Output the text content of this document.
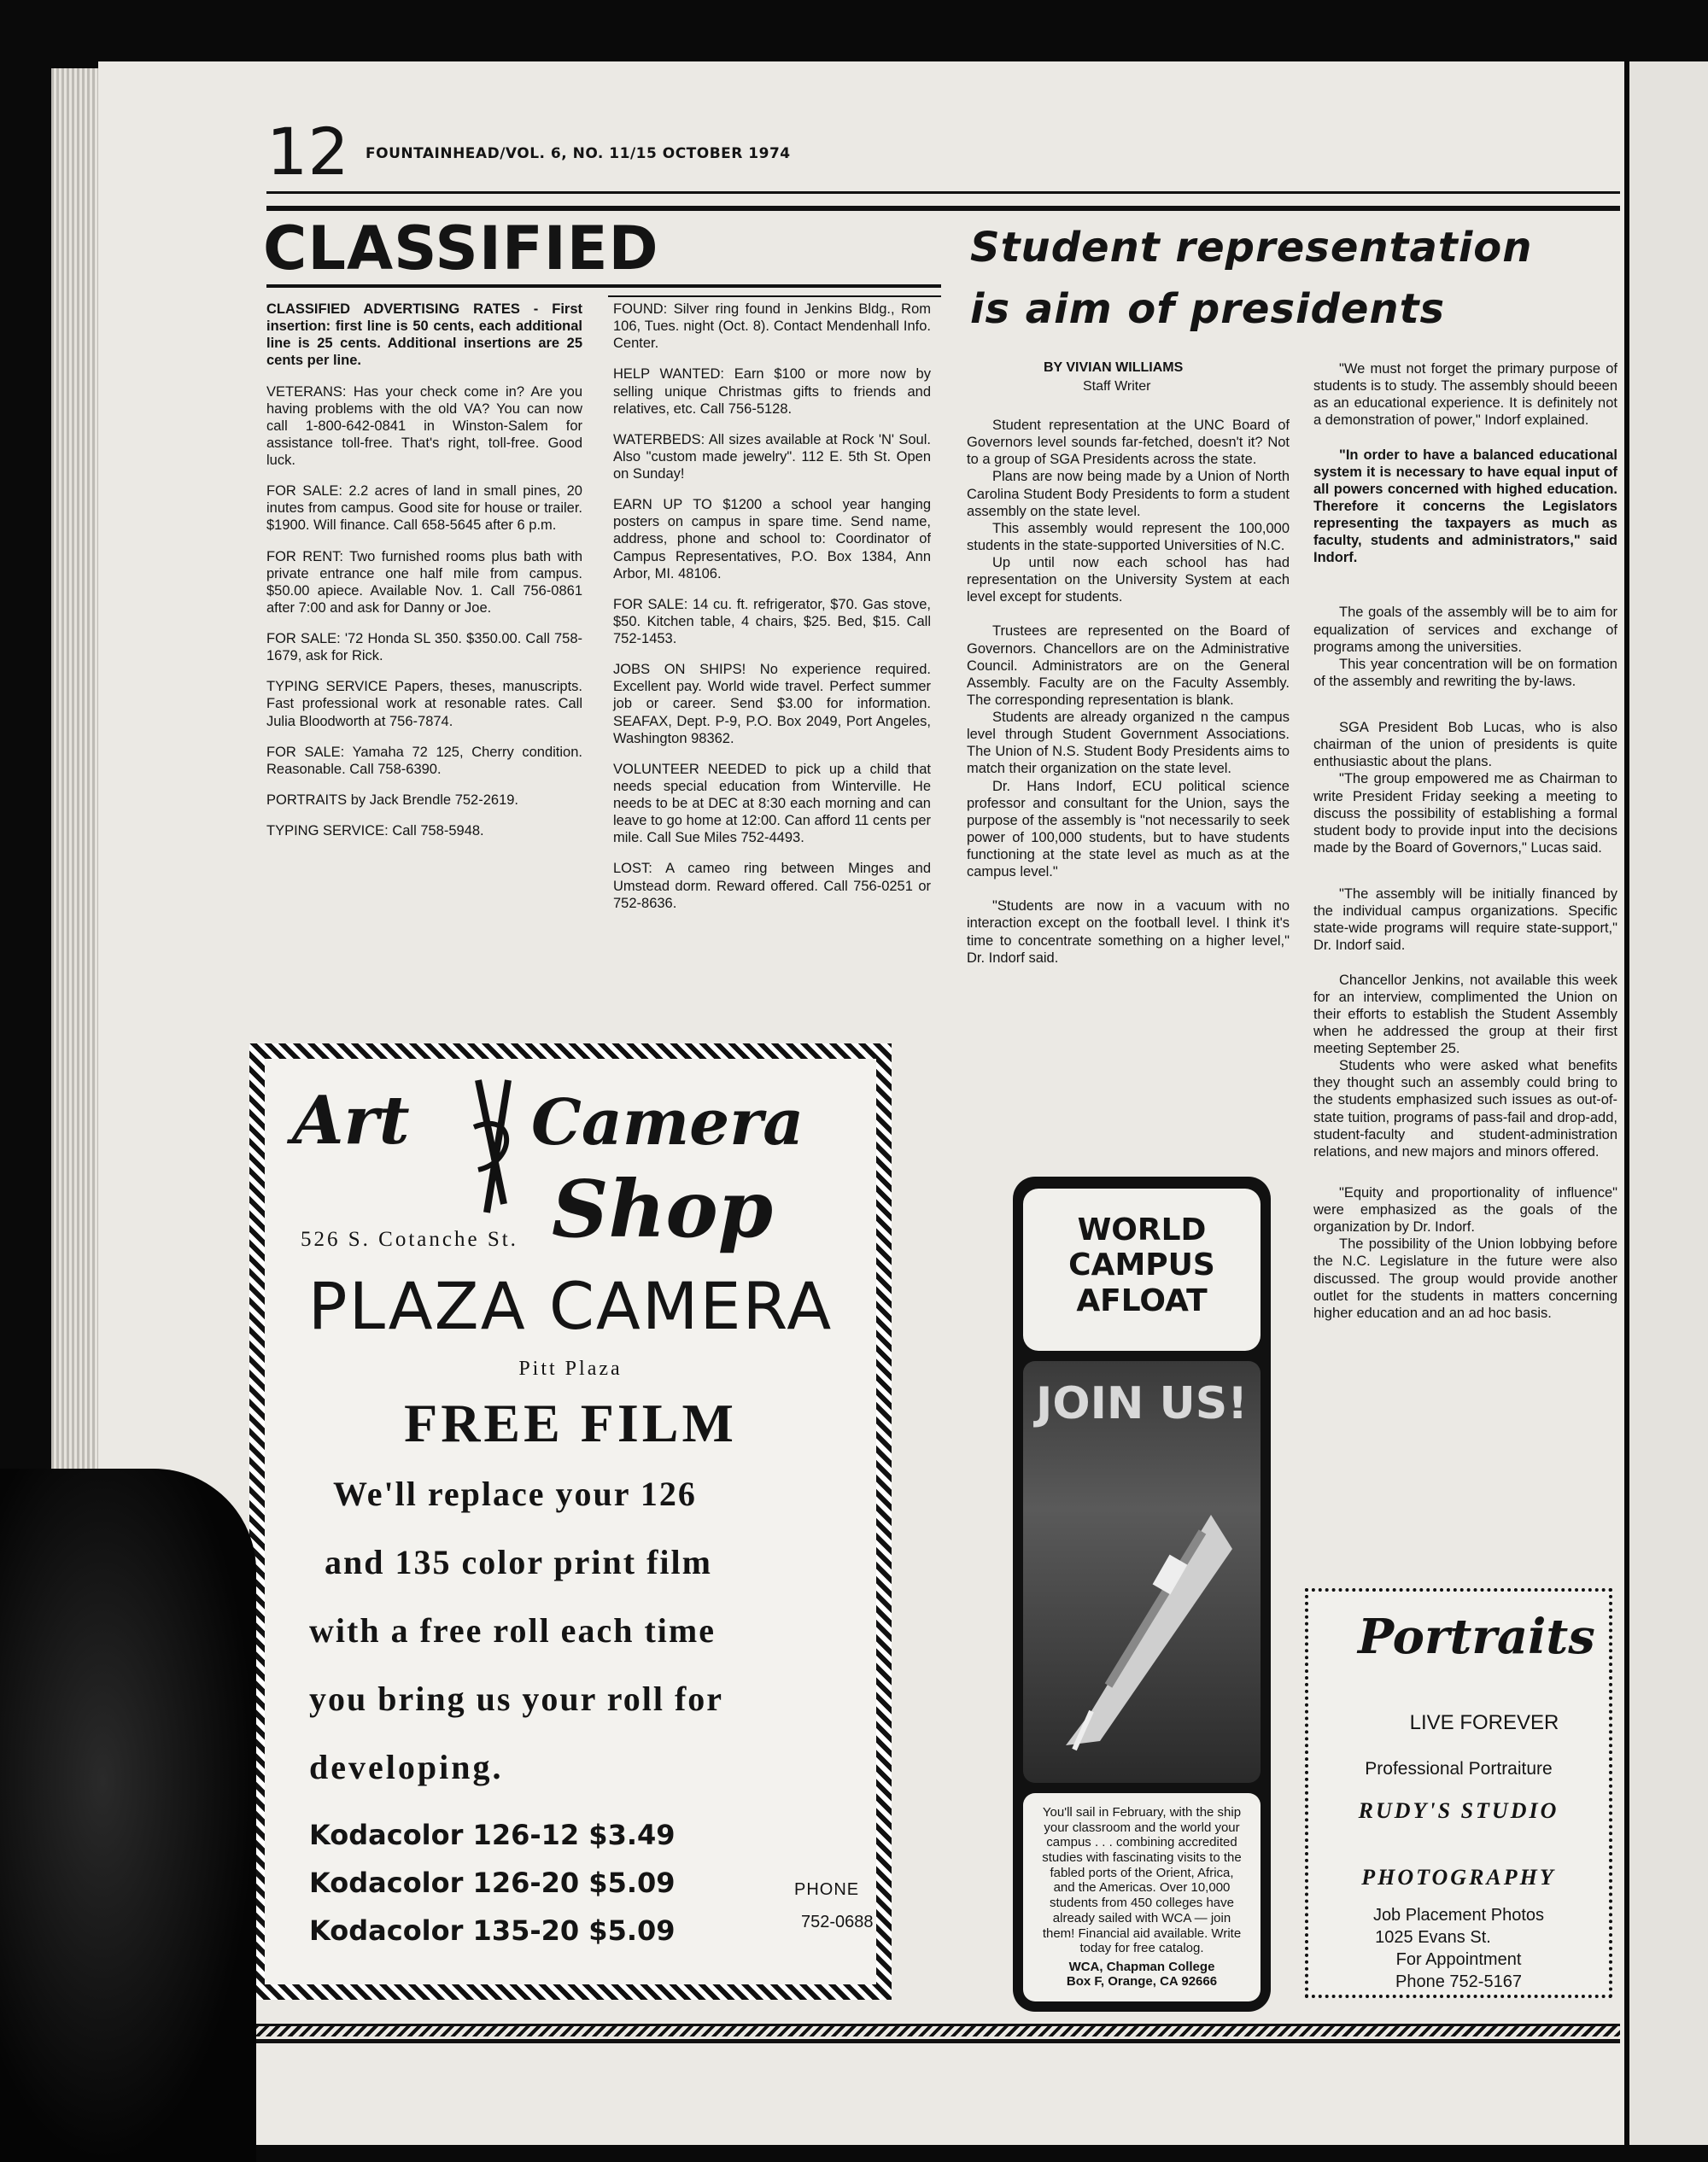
12 FOUNTAINHEAD/VOL. 6, NO. 11/15 OCTOBER 1974
CLASSIFIED

CLASSIFIED ADVERTISING RATES - First insertion: first line is 50 cents, each additional line is 25 cents. Additional insertions are 25 cents per line.

VETERANS: Has your check come in? Are you having problems with the old VA? You can now call 1-800-642-0841 in Winston-Salem for assistance toll-free. That's right, toll-free. Good luck.

FOR SALE: 2.2 acres of land in small pines, 20 inutes from campus. Good site for house or trailer. $1900. Will finance. Call 658-5645 after 6 p.m.

FOR RENT: Two furnished rooms plus bath with private entrance one half mile from campus. $50.00 apiece. Available Nov. 1. Call 756-0861 after 7:00 and ask for Danny or Joe.

FOR SALE: '72 Honda SL 350. $350.00. Call 758-1679, ask for Rick.

TYPING SERVICE Papers, theses, manuscripts. Fast professional work at resonable rates. Call Julia Bloodworth at 756-7874.

FOR SALE: Yamaha 72 125, Cherry condition. Reasonable. Call 758-6390.

PORTRAITS by Jack Brendle 752-2619.

TYPING SERVICE: Call 758-5948.

FOUND: Silver ring found in Jenkins Bldg., Rom 106, Tues. night (Oct. 8). Contact Mendenhall Info. Center.

HELP WANTED: Earn $100 or more now by selling unique Christmas gifts to friends and relatives, etc. Call 756-5128.

WATERBEDS: All sizes available at Rock 'N' Soul. Also "custom made jewelry". 112 E. 5th St. Open on Sunday!

EARN UP TO $1200 a school year hanging posters on campus in spare time. Send name, address, phone and school to: Coordinator of Campus Representatives, P.O. Box 1384, Ann Arbor, MI. 48106.

FOR SALE: 14 cu. ft. refrigerator, $70. Gas stove, $50. Kitchen table, 4 chairs, $25. Bed, $15. Call 752-1453.

JOBS ON SHIPS! No experience required. Excellent pay. World wide travel. Perfect summer job or career. Send $3.00 for information. SEAFAX, Dept. P-9, P.O. Box 2049, Port Angeles, Washington 98362.

VOLUNTEER NEEDED to pick up a child that needs special education from Winterville. He needs to be at DEC at 8:30 each morning and can leave to go home at 12:00. Can afford 11 cents per mile. Call Sue Miles 752-4493.

LOST: A cameo ring between Minges and Umstead dorm. Reward offered. Call 756-0251 or 752-8636.

Student representation
is aim of presidents
BY VIVIAN WILLIAMS
Staff Writer

Student representation at the UNC Board of Governors level sounds far-fetched, doesn't it? Not to a group of SGA Presidents across the state.

Plans are now being made by a Union of North Carolina Student Body Presidents to form a student assembly on the state level.

This assembly would represent the 100,000 students in the state-supported Universities of N.C.

Up until now each school has had representation on the University System at each level except for students.

Trustees are represented on the Board of Governors. Chancellors are on the Administrative Council. Administrators are on the General Assembly. Faculty are on the Faculty Assembly. The corresponding representation is blank.

Students are already organized n the campus level through Student Government Associations. The Union of N.S. Student Body Presidents aims to match their organization on the state level.

Dr. Hans Indorf, ECU political science professor and consultant for the Union, says the purpose of the assembly is "not necessarily to seek power of 100,000 students, but to have students functioning at the state level as much as at the campus level."

"Students are now in a vacuum with no interaction except on the football level. I think it's time to concentrate something on a higher level," Dr. Indorf said.

"We must not forget the primary purpose of students is to study. The assembly should beeen as an educational experience. It is definitely not a demonstration of power," Indorf explained.

"In order to have a balanced educational system it is necessary to have equal input of all powers concerned with highed education. Therefore it concerns the Legislators representing the taxpayers as much as faculty, students and administrators," said Indorf.

The goals of the assembly will be to aim for equalization of services and exchange of programs among the universities.

This year concentration will be on formation of the assembly and rewriting the by-laws.

SGA President Bob Lucas, who is also chairman of the union of presidents is quite enthusiastic about the plans.

"The group empowered me as Chairman to write President Friday seeking a meeting to discuss the possibility of establishing a formal student body to provide input into the decisions made by the Board of Governors," Lucas said.

"The assembly will be initially financed by the individual campus organizations. Specific state-wide programs will require state-support," Dr. Indorf said.

Chancellor Jenkins, not available this week for an interview, complimented the Union on their efforts to establish the Student Assembly when he addressed the group at their first meeting September 25.

Students who were asked what benefits they thought such an assembly could bring to the students emphasized such issues as out-of-state tuition, programs of pass-fail and drop-add, student-faculty and student-administration relations, and new majors and minors offered.

"Equity and proportionality of influence" were emphasized as the goals of the organization by Dr. Indorf.

The possibility of the Union lobbying before the N.C. Legislature in the future were also discussed. The group would provide another outlet for the students in matters concerning higher education and an ad hoc basis.

Art Camera
526 S. Cotanche St. Shop
PLAZA CAMERA
Pitt Plaza
FREE FILM
We'll replace your 126
and 135 color print film
with a free roll each time
you bring us your roll for
developing.
Kodacolor 126-12 $3.49
Kodacolor 126-20 $5.09
Kodacolor 135-20 $5.09
PHONE
752-0688
WORLD
CAMPUS
AFLOAT
JOIN US!
You'll sail in February, with the ship your classroom and the world your campus . . . combining accredited studies with fascinating visits to the fabled ports of the Orient, Africa, and the Americas. Over 10,000 students from 450 colleges have already sailed with WCA — join them! Financial aid available. Write today for free catalog.
WCA, Chapman College
Box F, Orange, CA 92666
Portraits
LIVE FOREVER
Professional Portraiture
RUDY'S STUDIO
PHOTOGRAPHY
Job Placement Photos
1025 Evans St.
For Appointment
Phone 752-5167
